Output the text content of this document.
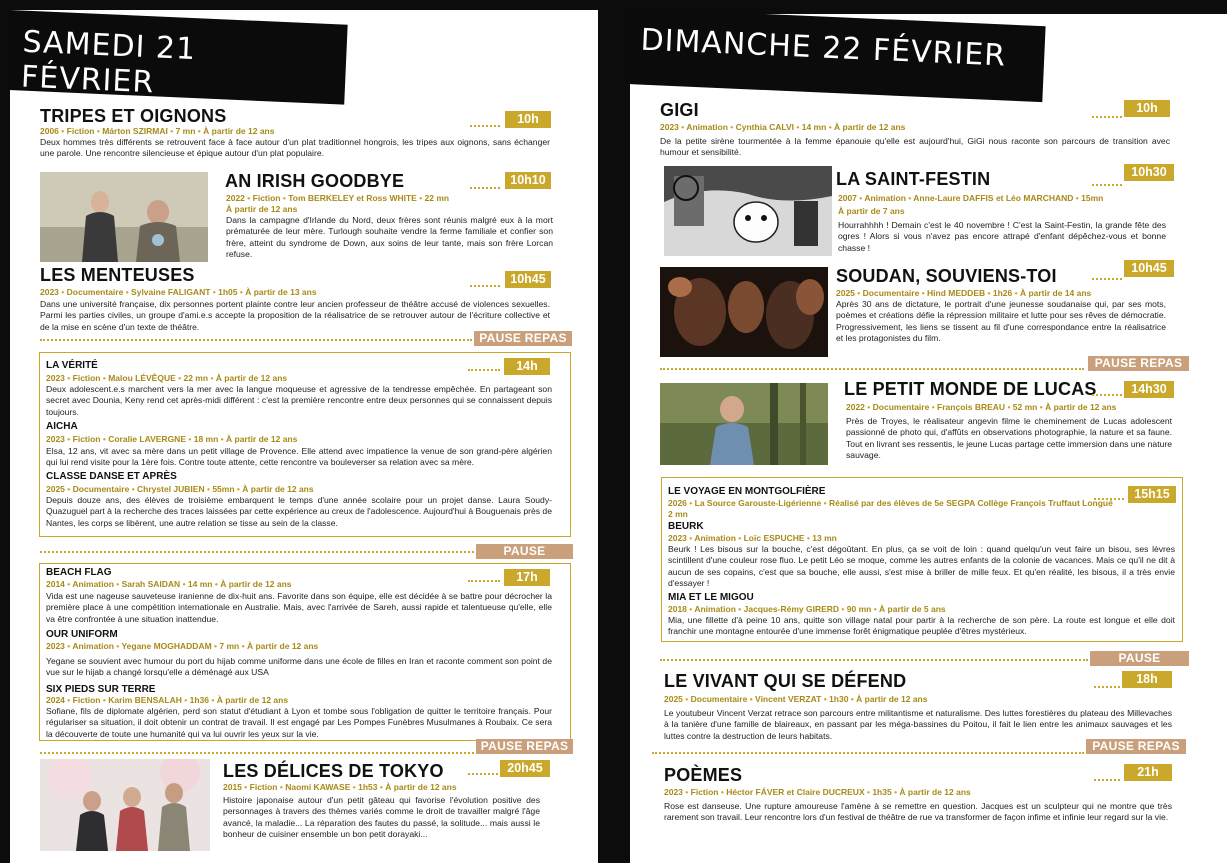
SAMEDI 21 FÉVRIER
DIMANCHE 22 FÉVRIER
TRIPES ET OIGNONS	10h
2006 • Fiction • Márton SZIRMAI • 7 mn • À partir de 12 ans
Deux hommes très différents se retrouvent face à face autour d'un plat traditionnel hongrois, les tripes aux oignons, sans échanger une parole. Une rencontre silencieuse et épique autour d'un plat populaire.
AN IRISH GOODBYE	10h10
2022 • Fiction • Tom BERKELEY et Ross WHITE • 22 mn
À partir de 12 ans
Dans la campagne d'Irlande du Nord, deux frères sont réunis malgré eux à la mort prématurée de leur mère. Turlough souhaite vendre la ferme familiale et confier son frère, atteint du syndrome de Down, aux soins de leur tante, mais son frère Lorcan refuse.
LES MENTEUSES	10h45
2023 • Documentaire • Sylvaine FALIGANT • 1h05 • À partir de 13 ans
Dans une université française, dix personnes portent plainte contre leur ancien professeur de théâtre accusé de violences sexuelles. Parmi les parties civiles, un groupe d'ami.e.s accepte la proposition de la réalisatrice de se retrouver autour de l'écriture collective et de la mise en scène d'un texte de théâtre.
PAUSE REPAS
LA VÉRITÉ	14h
2023 • Fiction • Malou LÉVÊQUE • 22 mn • À partir de 12 ans
Deux adolescent.e.s marchent vers la mer avec la langue moqueuse et agressive de la tendresse empêchée. En partageant son secret avec Dounia, Keny rend cet après-midi différent : c'est la première rencontre entre deux personnes qui se connaissent depuis toujours.
AICHA
2023 • Fiction • Coralie LAVERGNE • 18 mn • À partir de 12 ans
Elsa, 12 ans, vit avec sa mère dans un petit village de Provence. Elle attend avec impatience la venue de son grand-père algérien qui lui rend visite pour la 1ère fois. Contre toute attente, cette rencontre va bouleverser sa relation avec sa mère.
CLASSE DANSE ET APRÈS
2025 • Documentaire • Chrystel JUBIEN • 55mn • À partir de 12 ans
Depuis douze ans, des élèves de troisième embarquent le temps d'une année scolaire pour un projet danse. Laura Soudy-Quazuguel part à la recherche des traces laissées par cette expérience au creux de l'adolescence. Aujourd'hui à Bouguenais près de Nantes, les corps se libèrent, une autre relation se tisse au sein de la classe.
PAUSE
BEACH FLAG	17h
2014 • Animation • Sarah SAIDAN • 14 mn • À partir de 12 ans
Vida est une nageuse sauveteuse iranienne de dix-huit ans. Favorite dans son équipe, elle est décidée à se battre pour décrocher la première place à une compétition internationale en Australie. Mais, avec l'arrivée de Sareh, aussi rapide et talentueuse qu'elle, elle va être confrontée à une situation inattendue.
OUR UNIFORM
2023 • Animation • Yegane MOGHADDAM • 7 mn • À partir de 12 ans
Yegane se souvient avec humour du port du hijab comme uniforme dans une école de filles en Iran et raconte comment son point de vue sur le hijab a changé lorsqu'elle a déménagé aux USA
SIX PIEDS SUR TERRE
2024 • Fiction • Karim BENSALAH • 1h36 • À partir de 12 ans
Sofiane, fils de diplomate algérien, perd son statut d'étudiant à Lyon et tombe sous l'obligation de quitter le territoire français. Pour régulariser sa situation, il doit obtenir un contrat de travail. Il est engagé par Les Pompes Funèbres Musulmanes à Roubaix. Ce sera la découverte de toute une humanité qui va lui ouvrir les yeux sur la vie.
PAUSE REPAS
LES DÉLICES DE TOKYO	20h45
2015 • Fiction • Naomi KAWASE • 1h53 • À partir de 12 ans
Histoire japonaise autour d'un petit gâteau qui favorise l'évolution positive des personnages à travers des thèmes variés comme le droit de travailler malgré l'âge avancé, la maladie... La réparation des fautes du passé, la solitude... mais aussi le bonheur de cuisiner ensemble un bon petit dorayaki...
GIGI	10h
2023 • Animation • Cynthia CALVI • 14 mn • À partir de 12 ans
De la petite sirène tourmentée à la femme épanouie qu'elle est aujourd'hui, GiGi nous raconte son parcours de transition avec humour et sensibilité.
LA SAINT-FESTIN	10h30
2007 • Animation • Anne-Laure DAFFIS et Léo MARCHAND • 15mn
À partir de 7 ans
Hourrahhhh ! Demain c'est le 40 novembre ! C'est la Saint-Festin, la grande fête des ogres ! Alors si vous n'avez pas encore attrapé d'enfant dépêchez-vous et bonne chasse !
SOUDAN, SOUVIENS-TOI	10h45
2025 • Documentaire • Hind MEDDEB • 1h26 • À partir de 14 ans
Après 30 ans de dictature, le portrait d'une jeunesse soudanaise qui, par ses mots, poèmes et créations défie la répression militaire et lutte pour ses rêves de démocratie. Progressivement, les liens se tissent au fil d'une correspondance entre la réalisatrice et les protagonistes du film.
PAUSE REPAS
LE PETIT MONDE DE LUCAS	14h30
2022 • Documentaire • François BREAU • 52 mn • À partir de 12 ans
Près de Troyes, le réalisateur angevin filme le cheminement de Lucas adolescent passionné de photo qui, d'affûts en observations photographie, la nature et sa faune. Tout en livrant ses ressentis, le jeune Lucas partage cette immersion dans une nature sauvage.
LE VOYAGE EN MONTGOLFIÈRE	15h15
2026 • La Source Garouste-Ligérienne • Réalisé par des élèves de 5e SEGPA Collège François Truffaut Longué
2 mn
BEURK
2023 • Animation • Loïc ESPUCHE • 13 mn
Beurk ! Les bisous sur la bouche, c'est dégoûtant. En plus, ça se voit de loin : quand quelqu'un veut faire un bisou, ses lèvres scintillent d'une couleur rose fluo. Le petit Léo se moque, comme les autres enfants de la colonie de vacances. Mais ce qu'il ne dit à aucun de ses copains, c'est que sa bouche, elle aussi, s'est mise à briller de mille feux. Et qu'en réalité, les bisous, il a très envie d'essayer !
MIA ET LE MIGOU
2018 • Animation • Jacques-Rémy GIRERD • 90 mn • À partir de 5 ans
Mia, une fillette d'à peine 10 ans, quitte son village natal pour partir à la recherche de son père. La route est longue et elle doit franchir une montagne entourée d'une immense forêt énigmatique peuplée d'êtres mystérieux.
PAUSE
LE VIVANT QUI SE DÉFEND	18h
2025 • Documentaire • Vincent VERZAT • 1h30 • À partir de 12 ans
Le youtubeur Vincent Verzat retrace son parcours entre militantisme et naturalisme. Des luttes forestières du plateau des Millevaches à la tanière d'une famille de blaireaux, en passant par les méga-bassines du Poitou, il fait le lien entre les animaux sauvages et les luttes contre la destruction de leurs habitats.
PAUSE REPAS
POÈMES	21h
2023 • Fiction • Héctor FÁVER et Claire DUCREUX • 1h35 • À partir de 12 ans
Rose est danseuse. Une rupture amoureuse l'amène à se remettre en question. Jacques est un sculpteur qui ne montre que très rarement son travail. Leur rencontre lors d'un festival de théâtre de rue va transformer de façon infime et infinie leur regard sur la vie.
